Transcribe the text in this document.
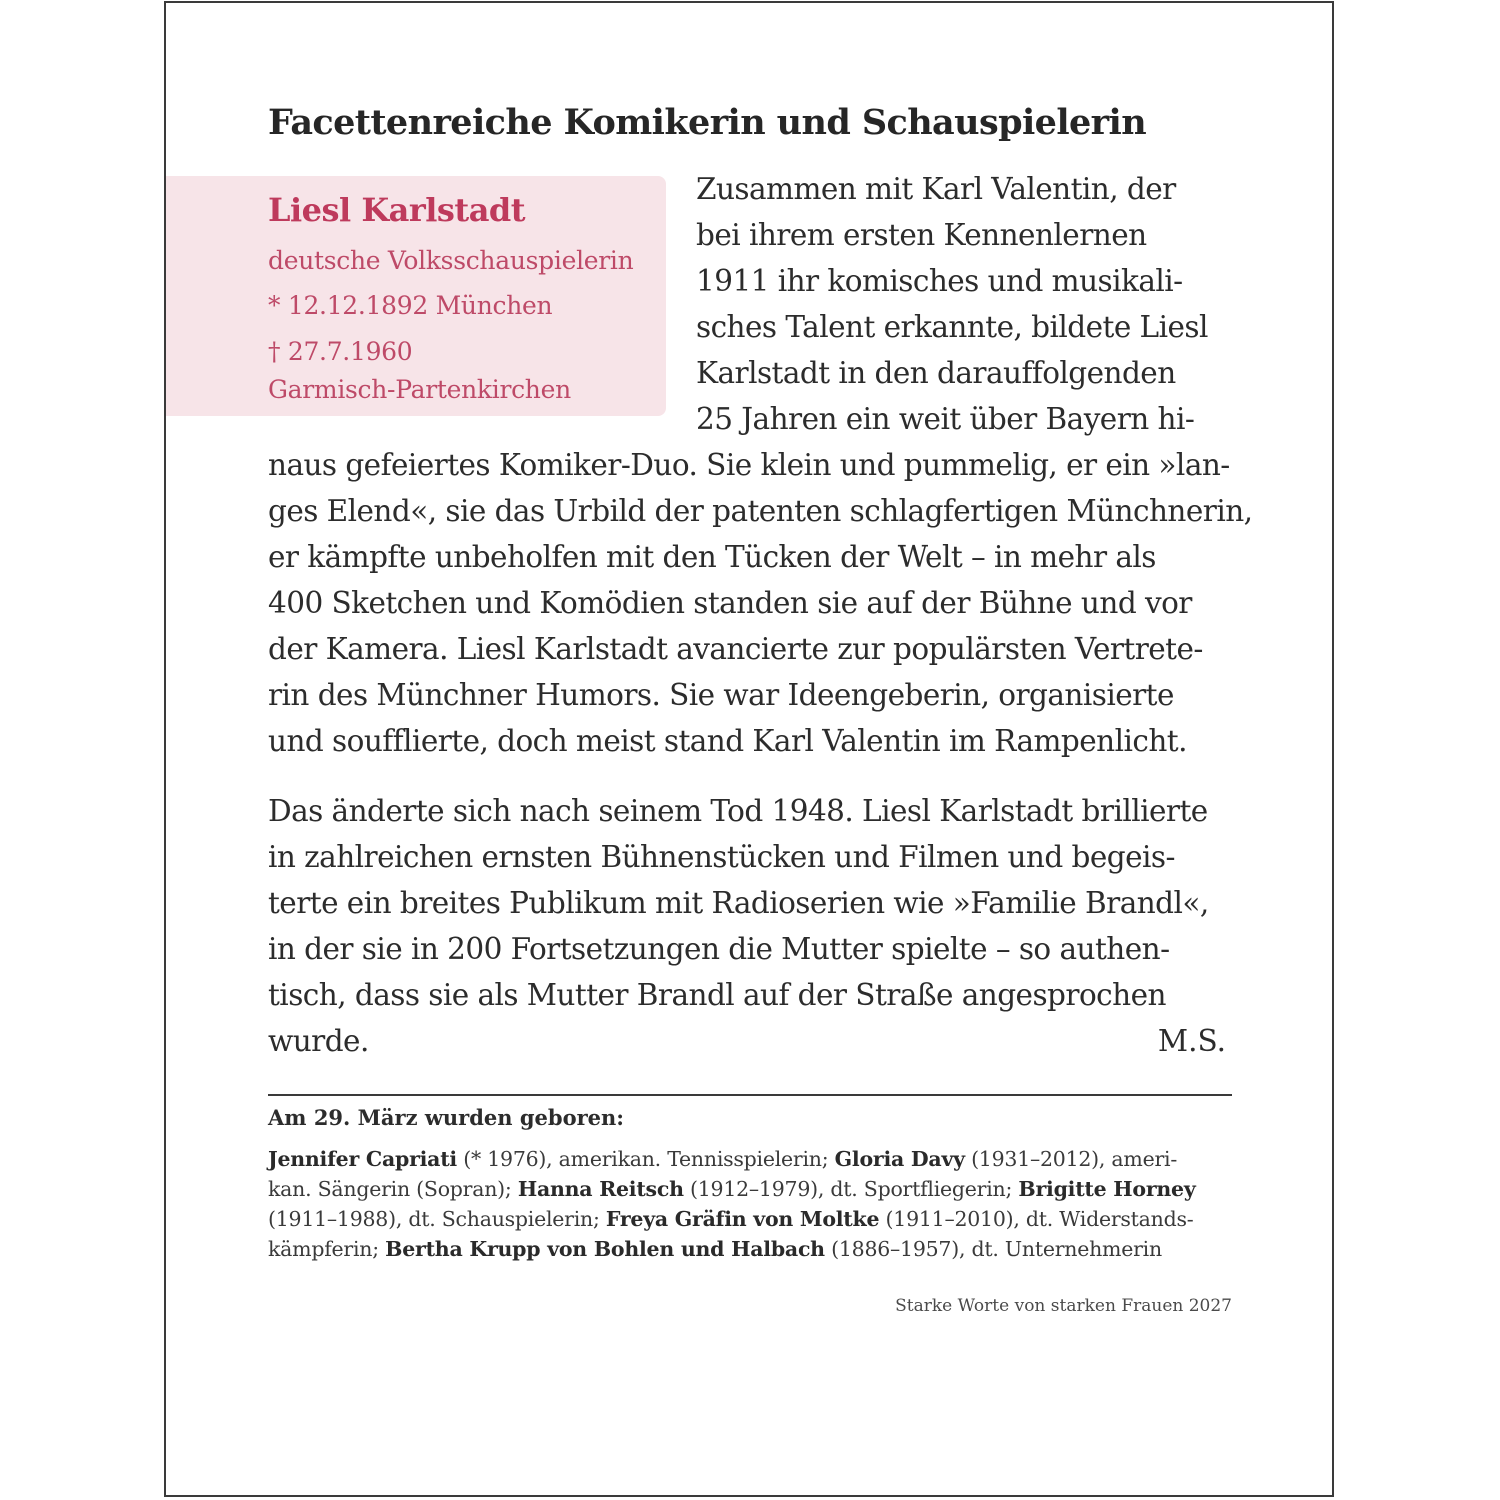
Facettenreiche Komikerin und Schauspielerin
Liesl Karlstadt
deutsche Volksschauspielerin
* 12.12.1892 München
† 27.7.1960
Garmisch-Partenkirchen
Zusammen mit Karl Valentin, der
bei ihrem ersten Kennenlernen
1911 ihr komisches und musikali-
sches Talent erkannte, bildete Liesl
Karlstadt in den darauffolgenden
25 Jahren ein weit über Bayern hi-
naus gefeiertes Komiker-Duo. Sie klein und pummelig, er ein »lan-
ges Elend«, sie das Urbild der patenten schlagfertigen Münchnerin,
er kämpfte unbeholfen mit den Tücken der Welt – in mehr als
400 Sketchen und Komödien standen sie auf der Bühne und vor
der Kamera. Liesl Karlstadt avancierte zur populärsten Vertrete-
rin des Münchner Humors. Sie war Ideengeberin, organisierte
und soufflierte, doch meist stand Karl Valentin im Rampenlicht.
Das änderte sich nach seinem Tod 1948. Liesl Karlstadt brillierte
in zahlreichen ernsten Bühnenstücken und Filmen und begeis-
terte ein breites Publikum mit Radioserien wie »Familie Brandl«,
in der sie in 200 Fortsetzungen die Mutter spielte – so authen-
tisch, dass sie als Mutter Brandl auf der Straße angesprochen
wurde.	M.S.
Am 29. März wurden geboren:
Jennifer Capriati (* 1976), amerikan. Tennisspielerin; Gloria Davy (1931–2012), ameri-
kan. Sängerin (Sopran); Hanna Reitsch (1912–1979), dt. Sportfliegerin; Brigitte Horney
(1911–1988), dt. Schauspielerin; Freya Gräfin von Moltke (1911–2010), dt. Widerstands-
kämpferin; Bertha Krupp von Bohlen und Halbach (1886–1957), dt. Unternehmerin
Starke Worte von starken Frauen 2027
